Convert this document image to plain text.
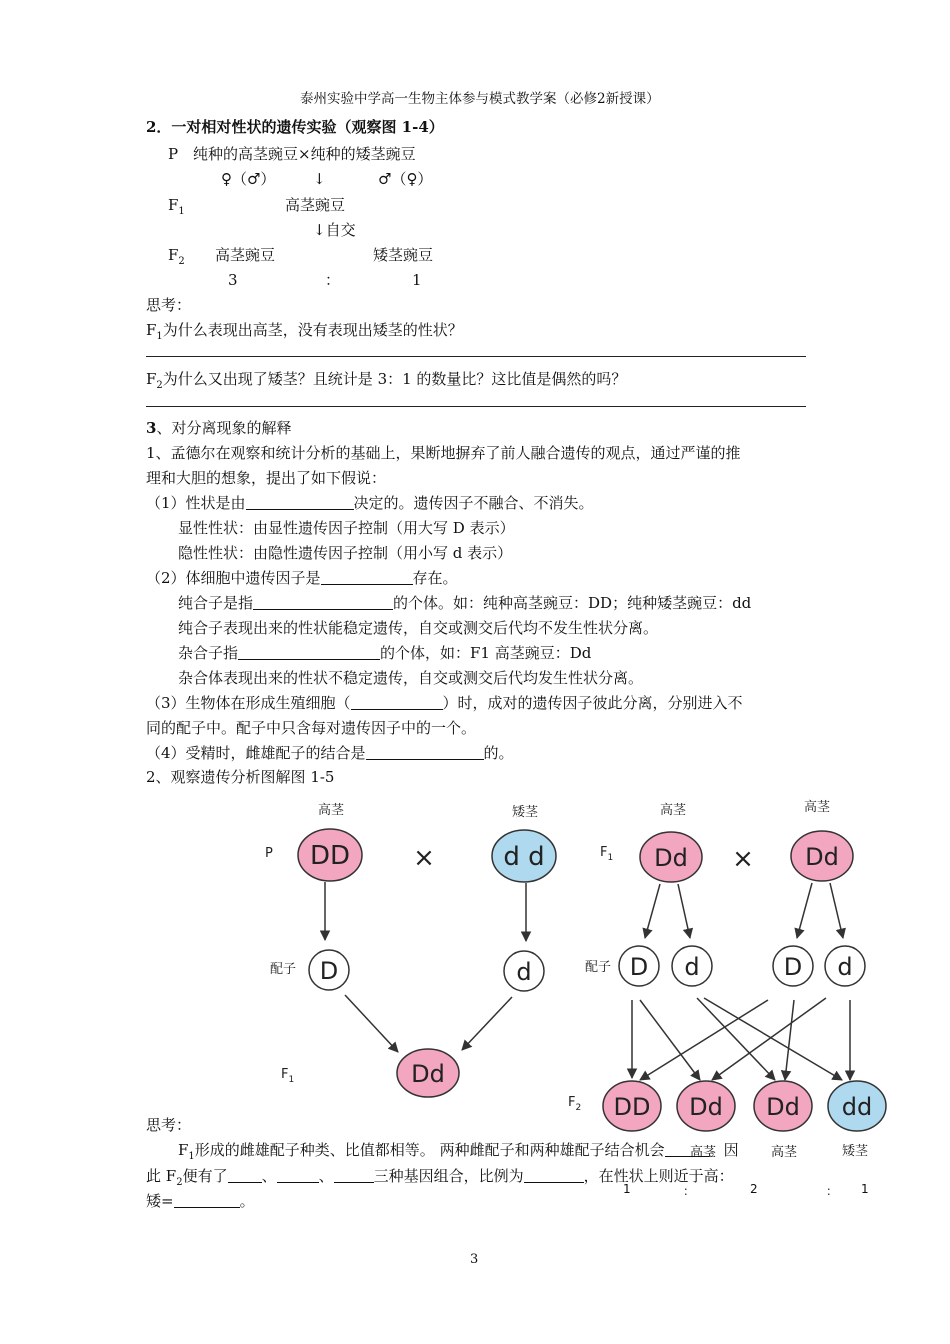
泰州实验中学高一生物主体参与模式教学案（必修2新授课）
2．一对相对性状的遗传实验（观察图 1-4）
P 纯种的高茎豌豆×纯种的矮茎豌豆
♀（♂）	↓	♂（♀）
$F_1$	高茎豌豆
↓自交
$F_2$ 高茎豌豆	矮茎豌豆
3	：	1
思考：
$F_1$为什么表现出高茎，没有表现出矮茎的性状？
$F_2$为什么又出现了矮茎？且统计是 3：1 的数量比？这比值是偶然的吗？
3、对分离现象的解释
1、孟德尔在观察和统计分析的基础上，果断地摒弃了前人融合遗传的观点，通过严谨的推
理和大胆的想象，提出了如下假说：
（1）性状是由	决定的。遗传因子不融合、不消失。
显性性状：由显性遗传因子控制（用大写 D 表示）
隐性性状：由隐性遗传因子控制（用小写 d 表示）
（2）体细胞中遗传因子是	存在。
纯合子是指	的个体。如：纯种高茎豌豆：DD；纯种矮茎豌豆：dd
纯合子表现出来的性状能稳定遗传，自交或测交后代均不发生性状分离。
杂合子指	的个体，如：F1 高茎豌豆：Dd
杂合体表现出来的性状不稳定遗传，自交或测交后代均发生性状分离。
（3）生物体在形成生殖细胞（	）时，成对的遗传因子彼此分离，分别进入不
同的配子中。配子中只含每对遗传因子中的一个。
（4）受精时，雌雄配子的结合是	的。
2、观察遗传分析图解图 1-5
高茎	矮茎
P DD ×	d d
配子 D	d
$F_1$	Dd
高茎	高茎
$F_1$ Dd × Dd
配子 D d	D d
$F_2$ DD Dd Dd dd
矮茎
思考：
$F_1$形成的雌雄配子种类、比值都相等。 两种雌配子和两种雄配子结合机会	。因
此 $F_2$便有了 、	、	三种基因组合，比例为	，在性状上则近于高：
矮=	。
高茎	高茎
1	：	2	： 1
3
